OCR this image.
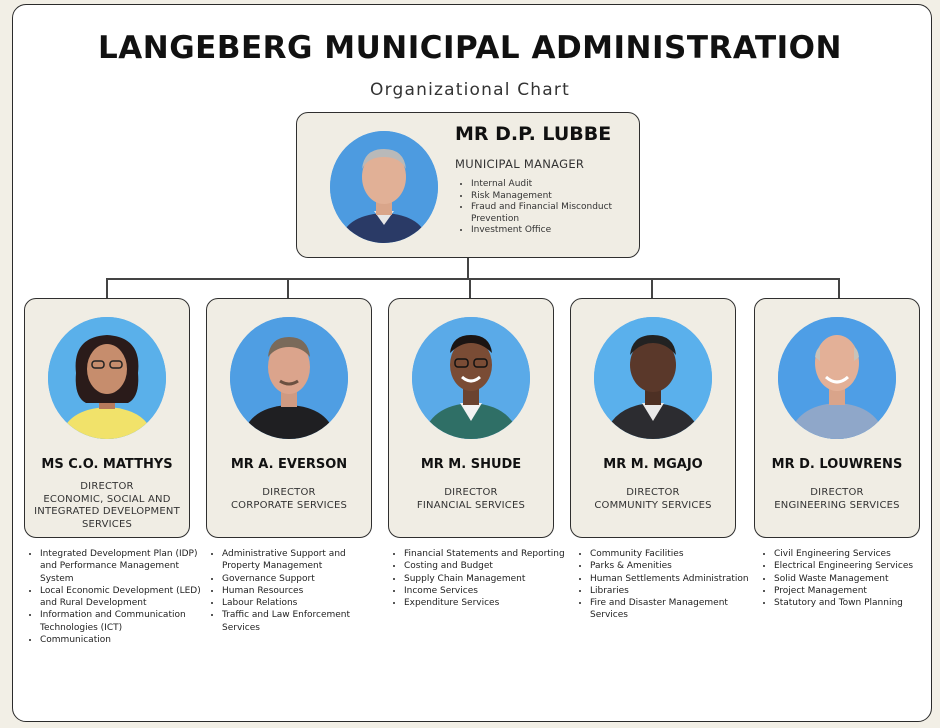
LANGEBERG MUNICIPAL ADMINISTRATION
Organizational Chart
MR D.P. LUBBE
MUNICIPAL MANAGER
• Internal Audit
• Risk Management
• Fraud and Financial Misconduct Prevention
• Investment Office
MS C.O. MATTHYS
DIRECTOR
ECONOMIC, SOCIAL AND
INTEGRATED DEVELOPMENT
SERVICES
MR A. EVERSON
DIRECTOR
CORPORATE SERVICES
MR M. SHUDE
DIRECTOR
FINANCIAL SERVICES
MR M. MGAJO
DIRECTOR
COMMUNITY SERVICES
MR D. LOUWRENS
DIRECTOR
ENGINEERING SERVICES
• Integrated Development Plan (IDP) and Performance Management System
• Local Economic Development (LED) and Rural Development
• Information and Communication Technologies (ICT)
• Communication
• Administrative Support and Property Management
• Governance Support
• Human Resources
• Labour Relations
• Traffic and Law Enforcement Services
• Financial Statements and Reporting
• Costing and Budget
• Supply Chain Management
• Income Services
• Expenditure Services
• Community Facilities
• Parks & Amenities
• Human Settlements Administration
• Libraries
• Fire and Disaster Management Services
• Civil Engineering Services
• Electrical Engineering Services
• Solid Waste Management
• Project Management
• Statutory and Town Planning
